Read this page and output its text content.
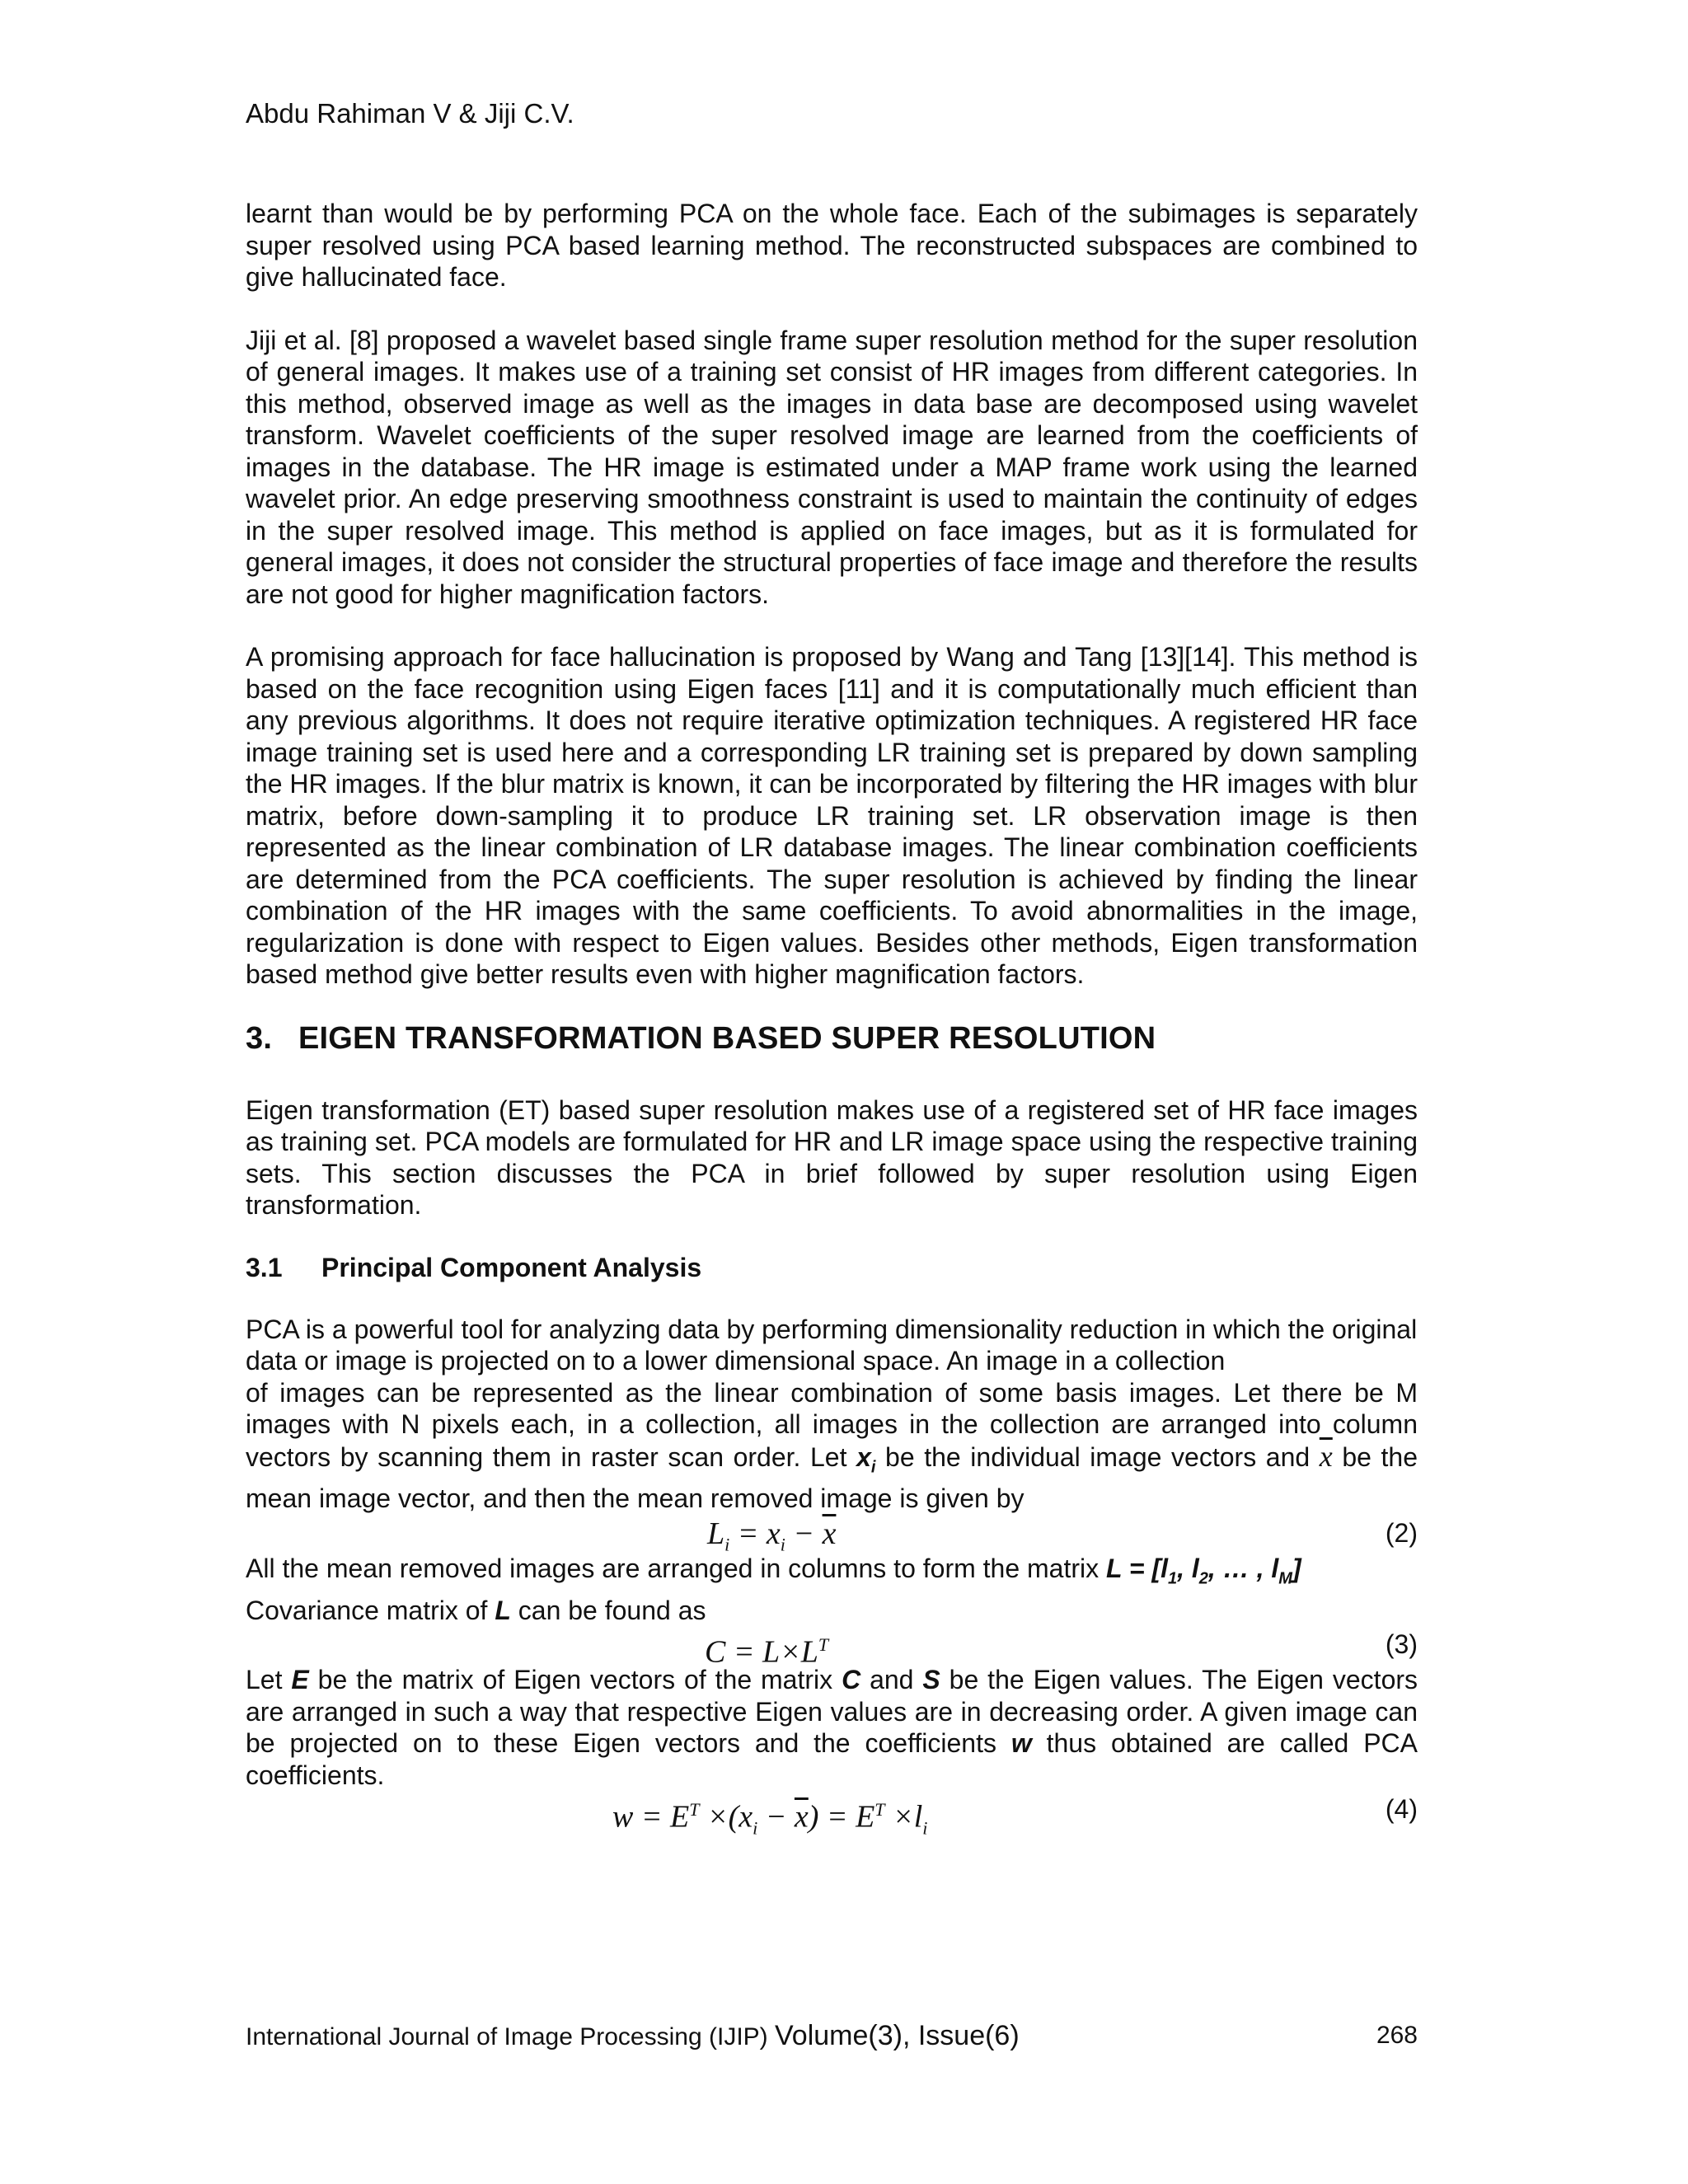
Abdu Rahiman V & Jiji C.V.

learnt than would be by performing PCA on the whole face. Each of the subimages is separately super resolved using PCA based learning method. The reconstructed subspaces are combined to give hallucinated face.

Jiji et al. [8] proposed a wavelet based single frame super resolution method for the super resolution of general images. It makes use of a training set consist of HR images from different categories. In this method, observed image as well as the images in data base are decomposed using wavelet transform. Wavelet coefficients of the super resolved image are learned from the coefficients of images in the database. The HR image is estimated under a MAP frame work using the learned wavelet prior. An edge preserving smoothness constraint is used to maintain the continuity of edges in the super resolved image. This method is applied on face images, but as it is formulated for general images, it does not consider the structural properties of face image and therefore the results are not good for higher magnification factors.

A promising approach for face hallucination is proposed by Wang and Tang [13][14]. This method is based on the face recognition using Eigen faces [11] and it is computationally much efficient than any previous algorithms. It does not require iterative optimization techniques. A registered HR face image training set is used here and a corresponding LR training set is prepared by down sampling the HR images. If the blur matrix is known, it can be incorporated by filtering the HR images with blur matrix, before down-sampling it to produce LR training set. LR observation image is then represented as the linear combination of LR database images. The linear combination coefficients are determined from the PCA coefficients. The super resolution is achieved by finding the linear combination of the HR images with the same coefficients. To avoid abnormalities in the image, regularization is done with respect to Eigen values. Besides other methods, Eigen transformation based method give better results even with higher magnification factors.

3. EIGEN TRANSFORMATION BASED SUPER RESOLUTION

Eigen transformation (ET) based super resolution makes use of a registered set of HR face images as training set. PCA models are formulated for HR and LR image space using the respective training sets. This section discusses the PCA in brief followed by super resolution using Eigen transformation.

3.1 Principal Component Analysis

PCA is a powerful tool for analyzing data by performing dimensionality reduction in which the original data or image is projected on to a lower dimensional space. An image in a collection

of images can be represented as the linear combination of some basis images. Let there be M images with N pixels each, in a collection, all images in the collection are arranged into column vectors by scanning them in raster scan order. Let $x_i$ be the individual image vectors and $\overline{x}$ be the mean image vector, and then the mean removed image is given by

$L_i = x_i - \overline{x}$	(2)

All the mean removed images are arranged in columns to form the matrix $L = [l_1$, $l_2$, … , $l_M$]

Covariance matrix of L can be found as

$C = L\times L^T$	(3)

Let E be the matrix of Eigen vectors of the matrix C and S be the Eigen values. The Eigen vectors are arranged in such a way that respective Eigen values are in decreasing order. A given image can be projected on to these Eigen vectors and the coefficients w thus obtained are called PCA coefficients.

$w = E^T \times(x_i - \overline{x}) = E^T \times l_i$
(4)
International Journal of Image Processing (IJIP) Volume(3), Issue(6)	268
